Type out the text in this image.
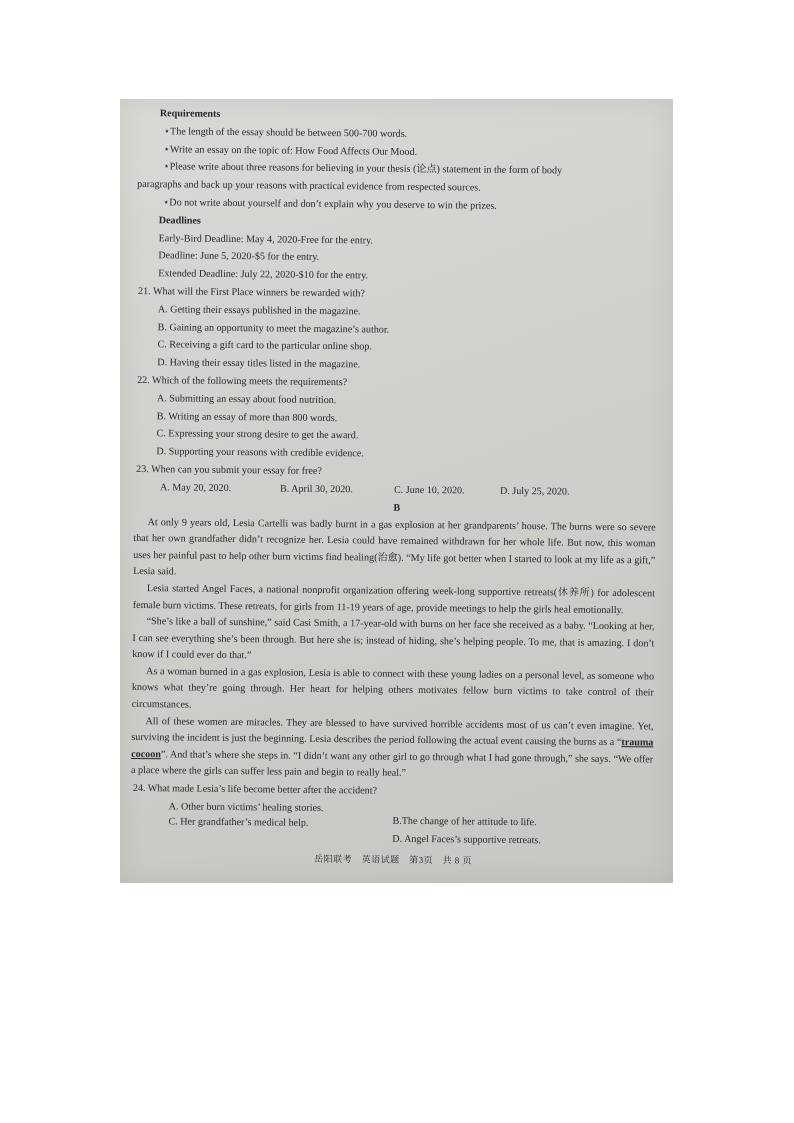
Requirements
⋆The length of the essay should be between 500-700 words.
⋆Write an essay on the topic of: How Food Affects Our Mood.
⋆Please write about three reasons for believing in your thesis (论点) statement in the form of body
paragraphs and back up your reasons with practical evidence from respected sources.
⋆Do not write about yourself and don’t explain why you deserve to win the prizes.
Deadlines
Early-Bird Deadline: May 4, 2020-Free for the entry.
Deadline: June 5, 2020-$5 for the entry.
Extended Deadline: July 22, 2020-$10 for the entry.
21. What will the First Place winners be rewarded with?
A. Getting their essays published in the magazine.
B. Gaining an opportunity to meet the magazine’s author.
C. Receiving a gift card to the particular online shop.
D. Having their essay titles listed in the magazine.
22. Which of the following meets the requirements?
A. Submitting an essay about food nutrition.
B. Writing an essay of more than 800 words.
C. Expressing your strong desire to get the award.
D. Supporting your reasons with credible evidence.
23. When can you submit your essay for free?
A. May 20, 2020.	B. April 30, 2020.	C. June 10, 2020.	D. July 25, 2020.
B

At only 9 years old, Lesia Cartelli was badly burnt in a gas explosion at her grandparents’ house. The burns were so severe that her own grandfather didn’t recognize her. Lesia could have remained withdrawn for her whole life. But now, this woman uses her painful past to help other burn victims find healing(治愈). “My life got better when I started to look at my life as a gift,” Lesia said.

Lesia started Angel Faces, a national nonprofit organization offering week-long supportive retreats(休养所) for adolescent female burn victims. These retreats, for girls from 11-19 years of age, provide meetings to help the girls heal emotionally.

“She’s like a ball of sunshine,” said Casi Smith, a 17-year-old with burns on her face she received as a baby. “Looking at her, I can see everything she’s been through. But here she is; instead of hiding, she’s helping people. To me, that is amazing. I don’t know if I could ever do that.”

As a woman burned in a gas explosion, Lesia is able to connect with these young ladies on a personal level, as someone who knows what they’re going through. Her heart for helping others motivates fellow burn victims to take control of their circumstances.

All of these women are miracles. They are blessed to have survived horrible accidents most of us can’t even imagine. Yet, surviving the incident is just the beginning. Lesia describes the period following the actual event causing the burns as a “trauma cocoon”. And that’s where she steps in. “I didn’t want any other girl to go through what I had gone through,” she says. “We offer a place where the girls can suffer less pain and begin to really heal.”

24. What made Lesia’s life become better after the accident?
A. Other burn victims’ healing stories.
C. Her grandfather’s medical help.	B.The change of her attitude to life.
D. Angel Faces’s supportive retreats.
岳阳联考　英语试题　第3页　共 8 页
